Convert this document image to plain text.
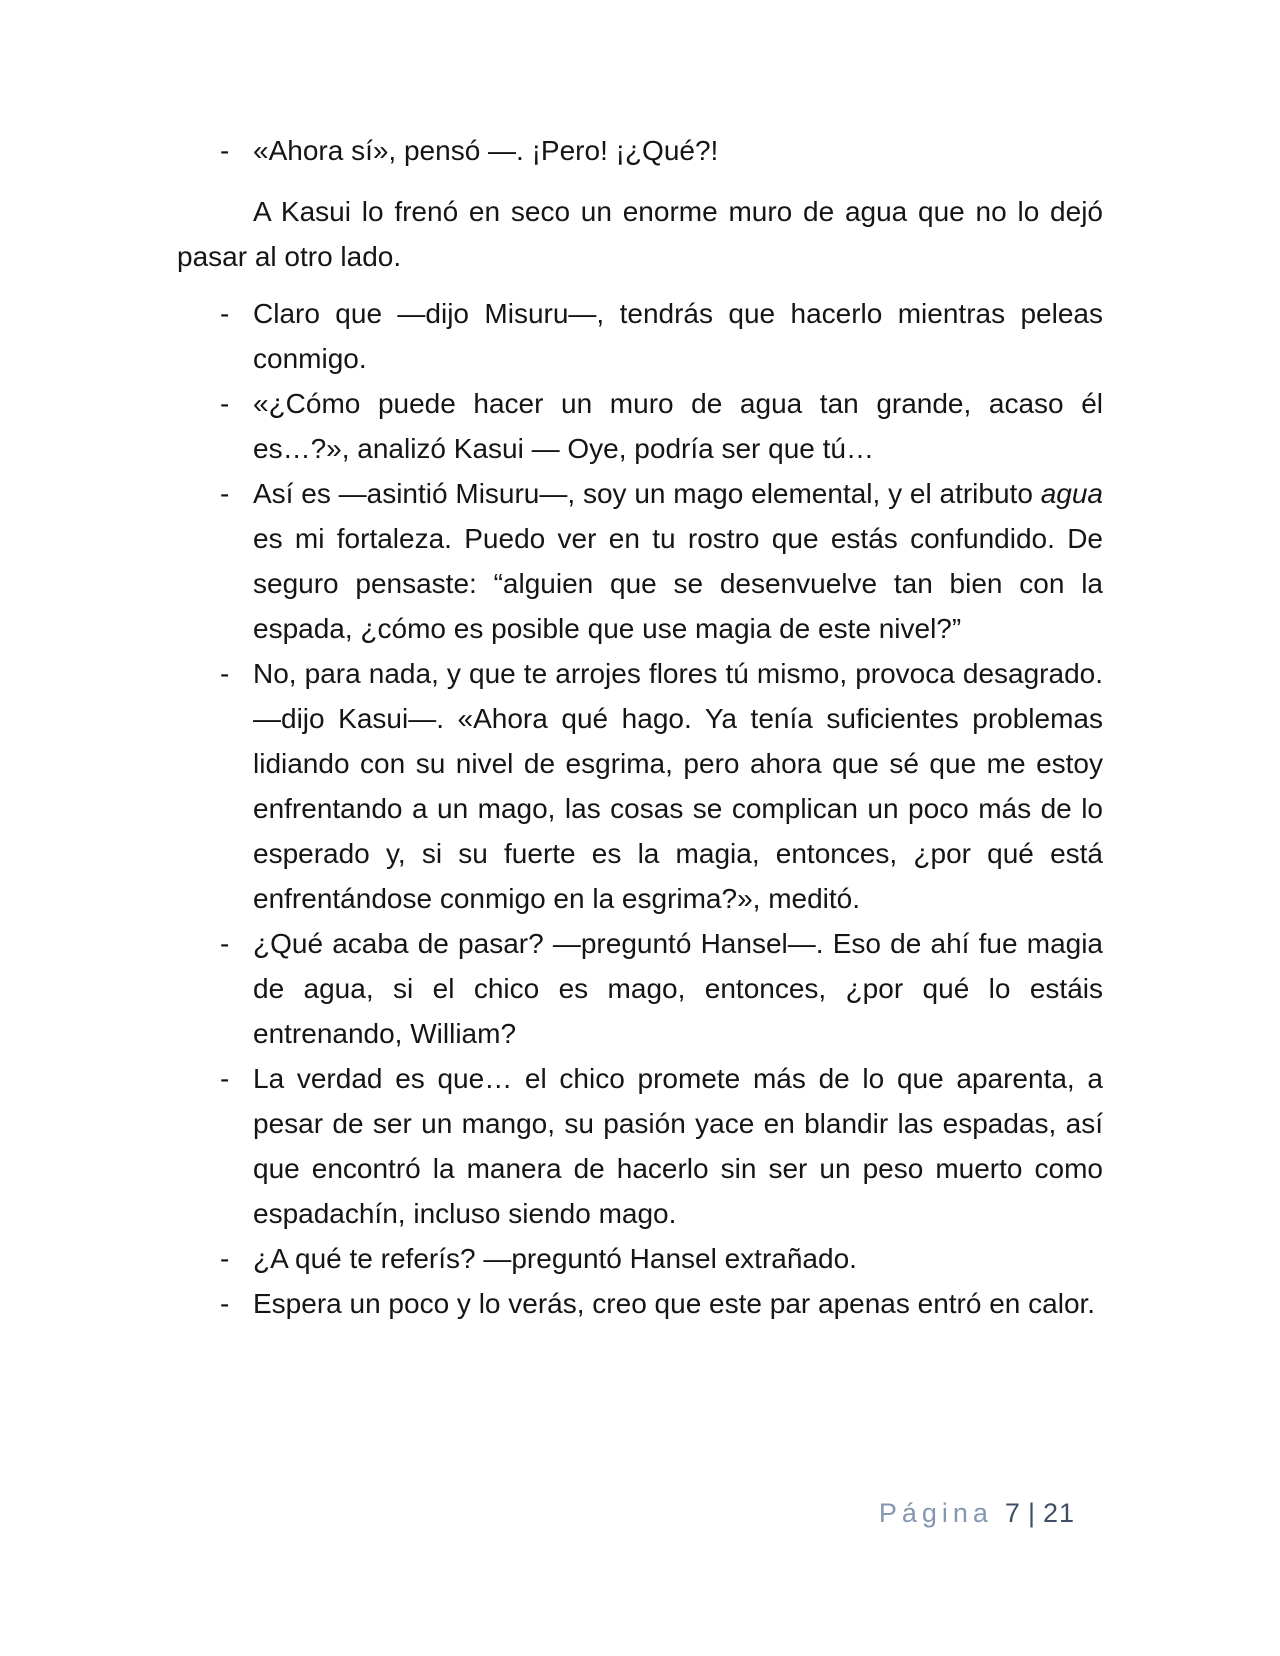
- «Ahora sí», pensó —. ¡Pero! ¡¿Qué?!
A Kasui lo frenó en seco un enorme muro de agua que no lo dejó pasar al otro lado.
- Claro que —dijo Misuru—, tendrás que hacerlo mientras peleas conmigo.
- «¿Cómo puede hacer un muro de agua tan grande, acaso él es…?», analizó Kasui — Oye, podría ser que tú…
- Así es —asintió Misuru—, soy un mago elemental, y el atributo agua es mi fortaleza. Puedo ver en tu rostro que estás confundido. De seguro pensaste: “alguien que se desenvuelve tan bien con la espada, ¿cómo es posible que use magia de este nivel?”
- No, para nada, y que te arrojes flores tú mismo, provoca desagrado. —dijo Kasui—. «Ahora qué hago. Ya tenía suficientes problemas lidiando con su nivel de esgrima, pero ahora que sé que me estoy enfrentando a un mago, las cosas se complican un poco más de lo esperado y, si su fuerte es la magia, entonces, ¿por qué está enfrentándose conmigo en la esgrima?», meditó.
- ¿Qué acaba de pasar? —preguntó Hansel—. Eso de ahí fue magia de agua, si el chico es mago, entonces, ¿por qué lo estáis entrenando, William?
- La verdad es que… el chico promete más de lo que aparenta, a pesar de ser un mango, su pasión yace en blandir las espadas, así que encontró la manera de hacerlo sin ser un peso muerto como espadachín, incluso siendo mago.
- ¿A qué te referís? —preguntó Hansel extrañado.
- Espera un poco y lo verás, creo que este par apenas entró en calor.
Página 7 | 21
